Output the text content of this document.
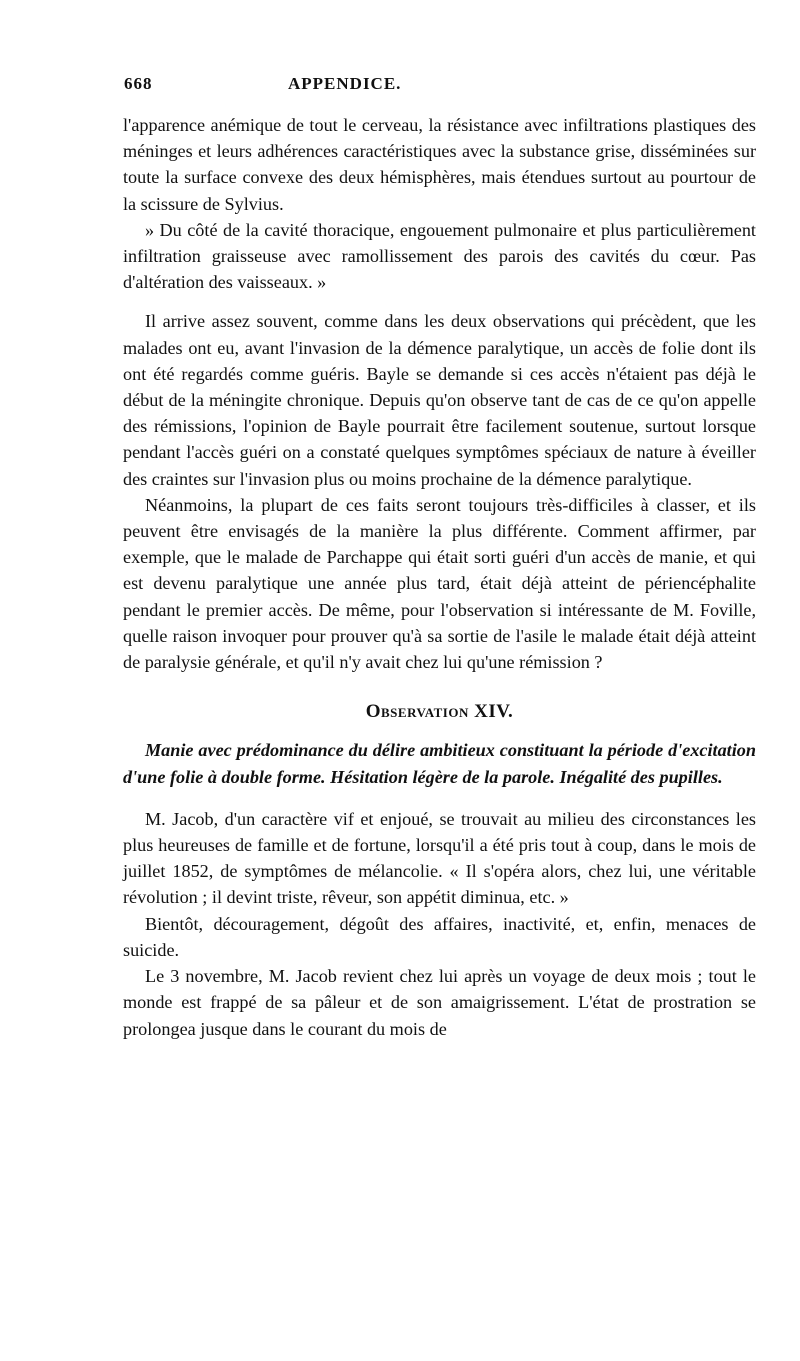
668	APPENDICE.

l'apparence anémique de tout le cerveau, la résistance avec infiltrations plastiques des méninges et leurs adhérences caractéristiques avec la substance grise, disséminées sur toute la surface convexe des deux hémisphères, mais étendues surtout au pourtour de la scissure de Sylvius.

» Du côté de la cavité thoracique, engouement pulmonaire et plus particulièrement infiltration graisseuse avec ramollissement des parois des cavités du cœur. Pas d'altération des vaisseaux. »

Il arrive assez souvent, comme dans les deux observations qui précèdent, que les malades ont eu, avant l'invasion de la démence paralytique, un accès de folie dont ils ont été regardés comme guéris. Bayle se demande si ces accès n'étaient pas déjà le début de la méningite chronique. Depuis qu'on observe tant de cas de ce qu'on appelle des rémissions, l'opinion de Bayle pourrait être facilement soutenue, surtout lorsque pendant l'accès guéri on a constaté quelques symptômes spéciaux de nature à éveiller des craintes sur l'invasion plus ou moins prochaine de la démence paralytique.

Néanmoins, la plupart de ces faits seront toujours très-difficiles à classer, et ils peuvent être envisagés de la manière la plus différente. Comment affirmer, par exemple, que le malade de Parchappe qui était sorti guéri d'un accès de manie, et qui est devenu paralytique une année plus tard, était déjà atteint de périencéphalite pendant le premier accès. De même, pour l'observation si intéressante de M. Foville, quelle raison invoquer pour prouver qu'à sa sortie de l'asile le malade était déjà atteint de paralysie générale, et qu'il n'y avait chez lui qu'une rémission ?

Observation XIV.

Manie avec prédominance du délire ambitieux constituant la période d'excitation d'une folie à double forme. Hésitation légère de la parole. Inégalité des pupilles.

M. Jacob, d'un caractère vif et enjoué, se trouvait au milieu des circonstances les plus heureuses de famille et de fortune, lorsqu'il a été pris tout à coup, dans le mois de juillet 1852, de symptômes de mélancolie. « Il s'opéra alors, chez lui, une véritable révolution ; il devint triste, rêveur, son appétit diminua, etc. »

Bientôt, découragement, dégoût des affaires, inactivité, et, enfin, menaces de suicide.

Le 3 novembre, M. Jacob revient chez lui après un voyage de deux mois ; tout le monde est frappé de sa pâleur et de son amaigrissement. L'état de prostration se prolongea jusque dans le courant du mois de
